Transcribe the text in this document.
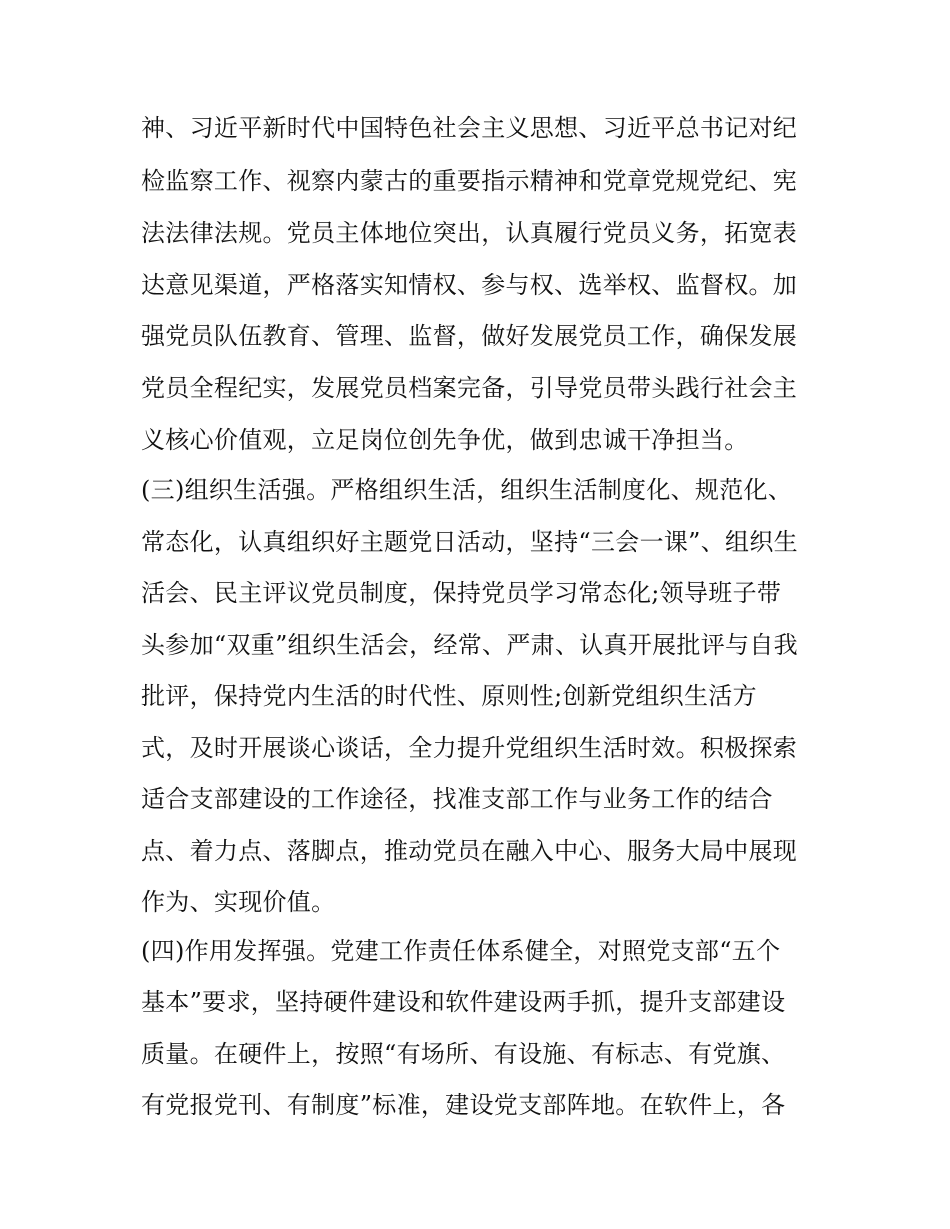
神、习近平新时代中国特色社会主义思想、习近平总书记对纪
检监察工作、视察内蒙古的重要指示精神和党章党规党纪、宪
法法律法规。党员主体地位突出，认真履行党员义务，拓宽表
达意见渠道，严格落实知情权、参与权、选举权、监督权。加
强党员队伍教育、管理、监督，做好发展党员工作，确保发展
党员全程纪实，发展党员档案完备，引导党员带头践行社会主
义核心价值观，立足岗位创先争优，做到忠诚干净担当。
(三)组织生活强。严格组织生活，组织生活制度化、规范化、
常态化，认真组织好主题党日活动，坚持“三会一课”、组织生
活会、民主评议党员制度，保持党员学习常态化;领导班子带
头参加“双重”组织生活会，经常、严肃、认真开展批评与自我
批评，保持党内生活的时代性、原则性;创新党组织生活方
式，及时开展谈心谈话，全力提升党组织生活时效。积极探索
适合支部建设的工作途径，找准支部工作与业务工作的结合
点、着力点、落脚点，推动党员在融入中心、服务大局中展现
作为、实现价值。
(四)作用发挥强。党建工作责任体系健全，对照党支部“五个
基本”要求，坚持硬件建设和软件建设两手抓，提升支部建设
质量。在硬件上，按照“有场所、有设施、有标志、有党旗、
有党报党刊、有制度”标准，建设党支部阵地。在软件上，各
